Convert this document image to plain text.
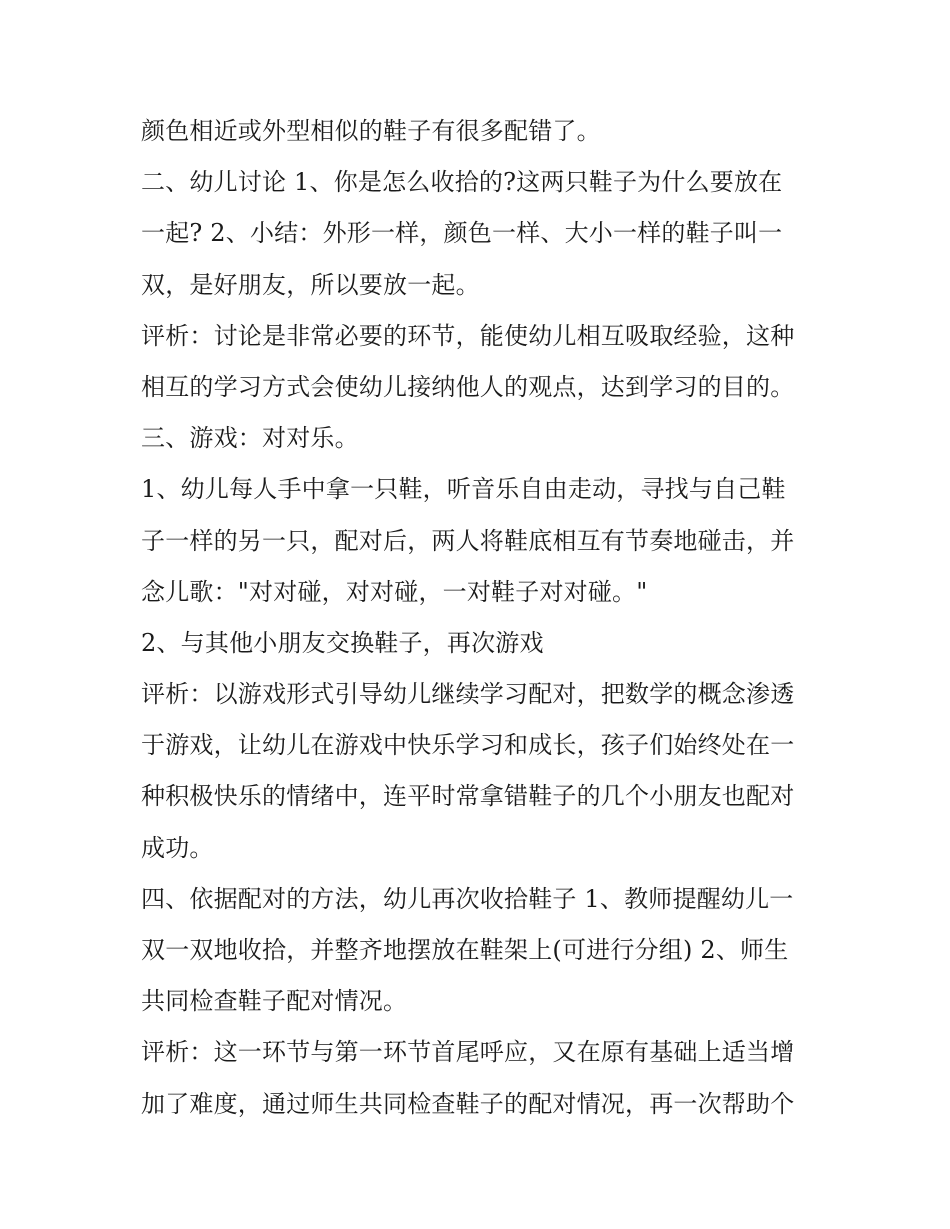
颜色相近或外型相似的鞋子有很多配错了。
二、幼儿讨论 1、你是怎么收拾的?这两只鞋子为什么要放在
一起? 2、小结：外形一样，颜色一样、大小一样的鞋子叫一
双，是好朋友，所以要放一起。
评析：讨论是非常必要的环节，能使幼儿相互吸取经验，这种
相互的学习方式会使幼儿接纳他人的观点，达到学习的目的。
三、游戏：对对乐。
1、幼儿每人手中拿一只鞋，听音乐自由走动，寻找与自己鞋
子一样的另一只，配对后，两人将鞋底相互有节奏地碰击，并
念儿歌："对对碰，对对碰，一对鞋子对对碰。"
2、与其他小朋友交换鞋子，再次游戏
评析：以游戏形式引导幼儿继续学习配对，把数学的概念渗透
于游戏，让幼儿在游戏中快乐学习和成长，孩子们始终处在一
种积极快乐的情绪中，连平时常拿错鞋子的几个小朋友也配对
成功。
四、依据配对的方法，幼儿再次收拾鞋子 1、教师提醒幼儿一
双一双地收拾，并整齐地摆放在鞋架上(可进行分组) 2、师生
共同检查鞋子配对情况。
评析：这一环节与第一环节首尾呼应，又在原有基础上适当增
加了难度，通过师生共同检查鞋子的配对情况，再一次帮助个
